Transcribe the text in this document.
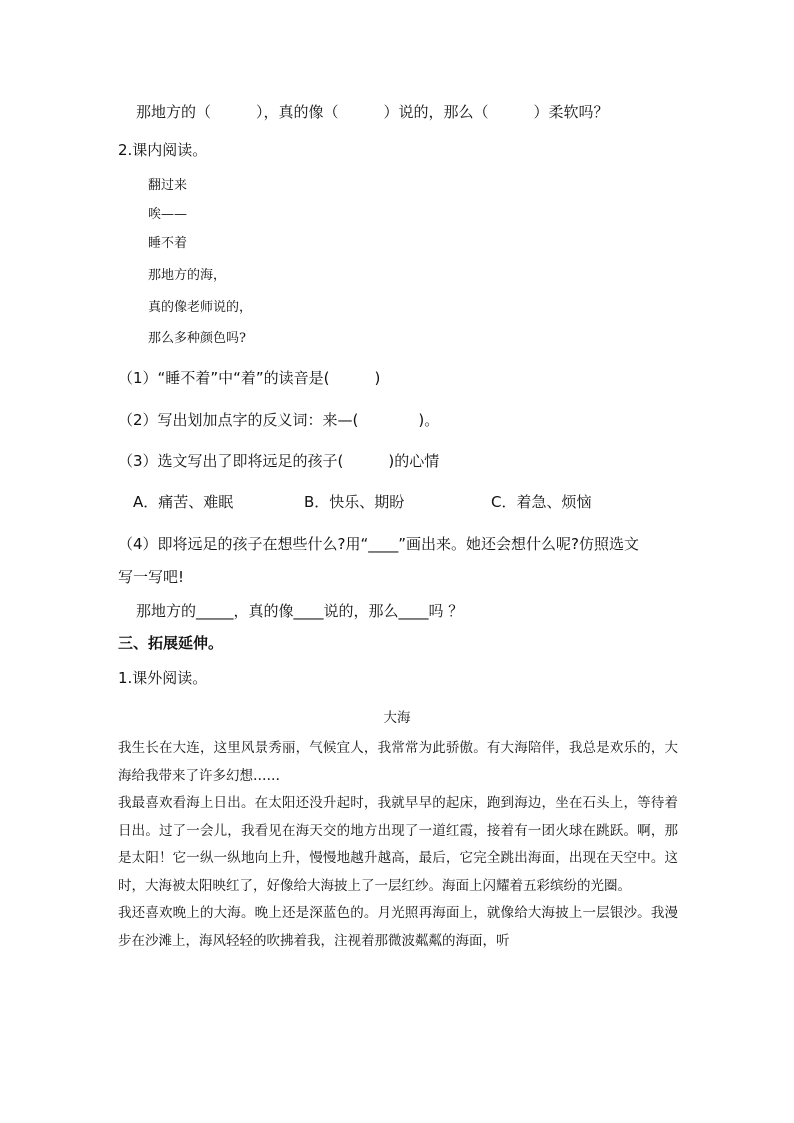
那地方的（　　　），真的像（　　　）说的，那么（　　　）柔软吗？
2.课内阅读。
翻过来
唉——
睡不着
那地方的海，
真的像老师说的，
那么多种颜色吗?
（1）“睡不着”中“着”的读音是(　　　)
（2）写出划加点字的反义词：来—(　　　　)。
（3）选文写出了即将远足的孩子(　　　)的心情
A．痛苦、难眠	B．快乐、期盼	C．着急、烦恼
（4）即将远足的孩子在想些什么?用“____”画出来。她还会想什么呢?仿照选文
写一写吧!
那地方的_____，真的像____说的，那么____吗 ？
三、拓展延伸。
1.课外阅读。
大海

我生长在大连，这里风景秀丽，气候宜人，我常常为此骄傲。有大海陪伴，我总是欢乐的，大海给我带来了许多幻想……

我最喜欢看海上日出。在太阳还没升起时，我就早早的起床，跑到海边，坐在石头上，等待着日出。过了一会儿，我看见在海天交的地方出现了一道红霞，接着有一团火球在跳跃。啊，那是太阳！它一纵一纵地向上升，慢慢地越升越高，最后，它完全跳出海面，出现在天空中。这时，大海被太阳映红了，好像给大海披上了一层红纱。海面上闪耀着五彩缤纷的光圈。

我还喜欢晚上的大海。晚上还是深蓝色的。月光照再海面上，就像给大海披上一层银沙。我漫步在沙滩上，海风轻轻的吹拂着我，注视着那微波粼粼的海面，听
